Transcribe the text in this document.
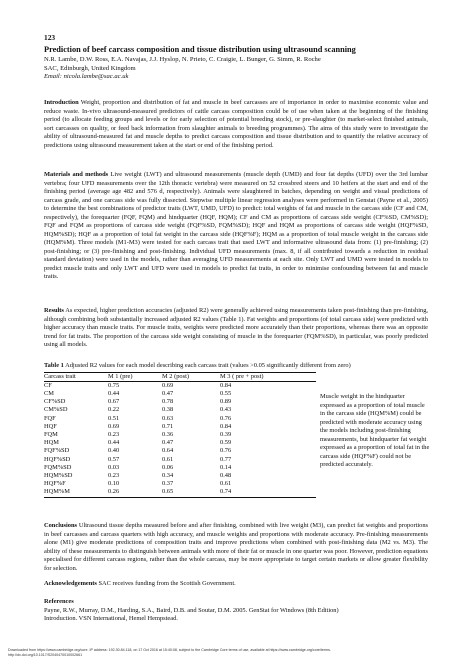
123
Prediction of beef carcass composition and tissue distribution using ultrasound scanning
N.R. Lambe, D.W. Ross, E.A. Navajas, J.J. Hyslop, N. Prieto, C. Craigie, L. Bunger, G. Simm, R. Roche
SAC, Edinburgh, United Kingdom
Email: nicola.lambe@sac.ac.uk

Introduction Weight, proportion and distribution of fat and muscle in beef carcasses are of importance in order to maximise economic value and reduce waste. In-vivo ultrasound-measured predictors of cattle carcass composition could be of use when taken at the beginning of the finishing period (to allocate feeding groups and levels or for early selection of potential breeding stock), or pre-slaughter (to market-select finished animals, sort carcasses on quality, or feed back information from slaughter animals to breeding programmes). The aims of this study were to investigate the ability of ultrasound-measured fat and muscle depths to predict carcass composition and tissue distribution and to quantify the relative accuracy of predictions using ultrasound measurement taken at the start or end of the finishing period.

Materials and methods Live weight (LWT) and ultrasound measurements (muscle depth (UMD) and four fat depths (UFD) over the 3rd lumbar vertebra; four UFD measurements over the 12th thoracic vertebra) were measured on 52 crossbred steers and 10 heifers at the start and end of the finishing period (average age 482 and 576 d, respectively). Animals were slaughtered in batches, depending on weight and visual predictions of carcass grade, and one carcass side was fully dissected. Stepwise multiple linear regression analyses were performed in Genstat (Payne et al., 2005) to determine the best combinations of predictor traits (LWT, UMD, UFD) to predict: total weights of fat and muscle in the carcass side (CF and CM, respectively), the forequarter (FQF, FQM) and hindquarter (HQF, HQM); CF and CM as proportions of carcass side weight (CF%SD, CM%SD); FQF and FQM as proportions of carcass side weight (FQF%SD, FQM%SD); HQF and HQM as proportions of carcass side weight (HQF%SD, HQM%SD); HQF as a proportion of total fat weight in the carcass side (HQF%F); HQM as a proportion of total muscle weight in the carcass side (HQM%M). Three models (M1-M3) were tested for each carcass trait that used LWT and informative ultrasound data from: (1) pre-finishing; (2) post-finishing; or (3) pre-finishing and post-finishing. Individual UFD measurements (max. 8, if all contributed towards a reduction in residual standard deviation) were used in the models, rather than averaging UFD measurements at each site. Only LWT and UMD were tested in models to predict muscle traits and only LWT and UFD were used in models to predict fat traits, in order to minimise confounding between fat and muscle traits.

Results As expected, higher prediction accuracies (adjusted R2) were generally achieved using measurements taken post-finishing than pre-finishing, although combining both substantially increased adjusted R2 values (Table 1). Fat weights and proportions (of total carcass side) were predicted with higher accuracy than muscle traits. For muscle traits, weights were predicted more accurately than their proportions, whereas there was an opposite trend for fat traits. The proportion of the carcass side weight consisting of muscle in the forequarter (FQM%SD), in particular, was poorly predicted using all models.

Table 1 Adjusted R2 values for each model describing each carcass trait (values >0.05 significantly different from zero)
Carcass trait	M 1 (pre)	M 2 (post)	M 3 ( pre + post)
CF	0.75	0.69	0.84
CM	0.44	0.47	0.55
CF%SD	0.67	0.78	0.89
CM%SD	0.22	0.38	0.43
FQF	0.51	0.63	0.76
HQF	0.69	0.71	0.84
FQM	0.23	0.36	0.39
HQM	0.44	0.47	0.59
FQF%SD	0.40	0.64	0.76
HQF%SD	0.57	0.61	0.77
FQM%SD	0.03	0.06	0.14
HQM%SD	0.23	0.34	0.48
HQF%F	0.10	0.37	0.61
HQM%M	0.26	0.65	0.74
Muscle weight in the hindquarter expressed as a proportion of total muscle in the carcass side (HQM%M) could be predicted with moderate accuracy using the models including post-finishing measurements, but hindquarter fat weight expressed as a proportion of total fat in the carcass side (HQF%F) could not be predicted accurately.

Conclusions Ultrasound tissue depths measured before and after finishing, combined with live weight (M3), can predict fat weights and proportions in beef carcasses and carcass quarters with high accuracy, and muscle weights and proportions with moderate accuracy. Pre-finishing measurements alone (M1) give moderate predictions of composition traits and improve predictions when combined with post-finishing data (M2 vs. M3). The ability of these measurements to distinguish between animals with more of their fat or muscle in one quarter was poor. However, prediction equations specialised for different carcass regions, rather than the whole carcass, may be more appropriate to target certain markets or allow greater flexibility for selection.

Acknowledgements SAC receives funding from the Scottish Government.

References
Payne, R.W., Murray, D.M., Harding, S.A., Baird, D.B. and Soutar, D.M. 2005. GenStat for Windows (8th Edition)
Introduction. VSN International, Hemel Hempstead.
Downloaded from https://www.cambridge.org/core. IP address: 192.30.84.118, on 17 Oct 2016 at 15:40:08, subject to the Cambridge Core terms of use, available at https://www.cambridge.org/core/terms.
http://dx.doi.org/10.1017/S2040470010002661
